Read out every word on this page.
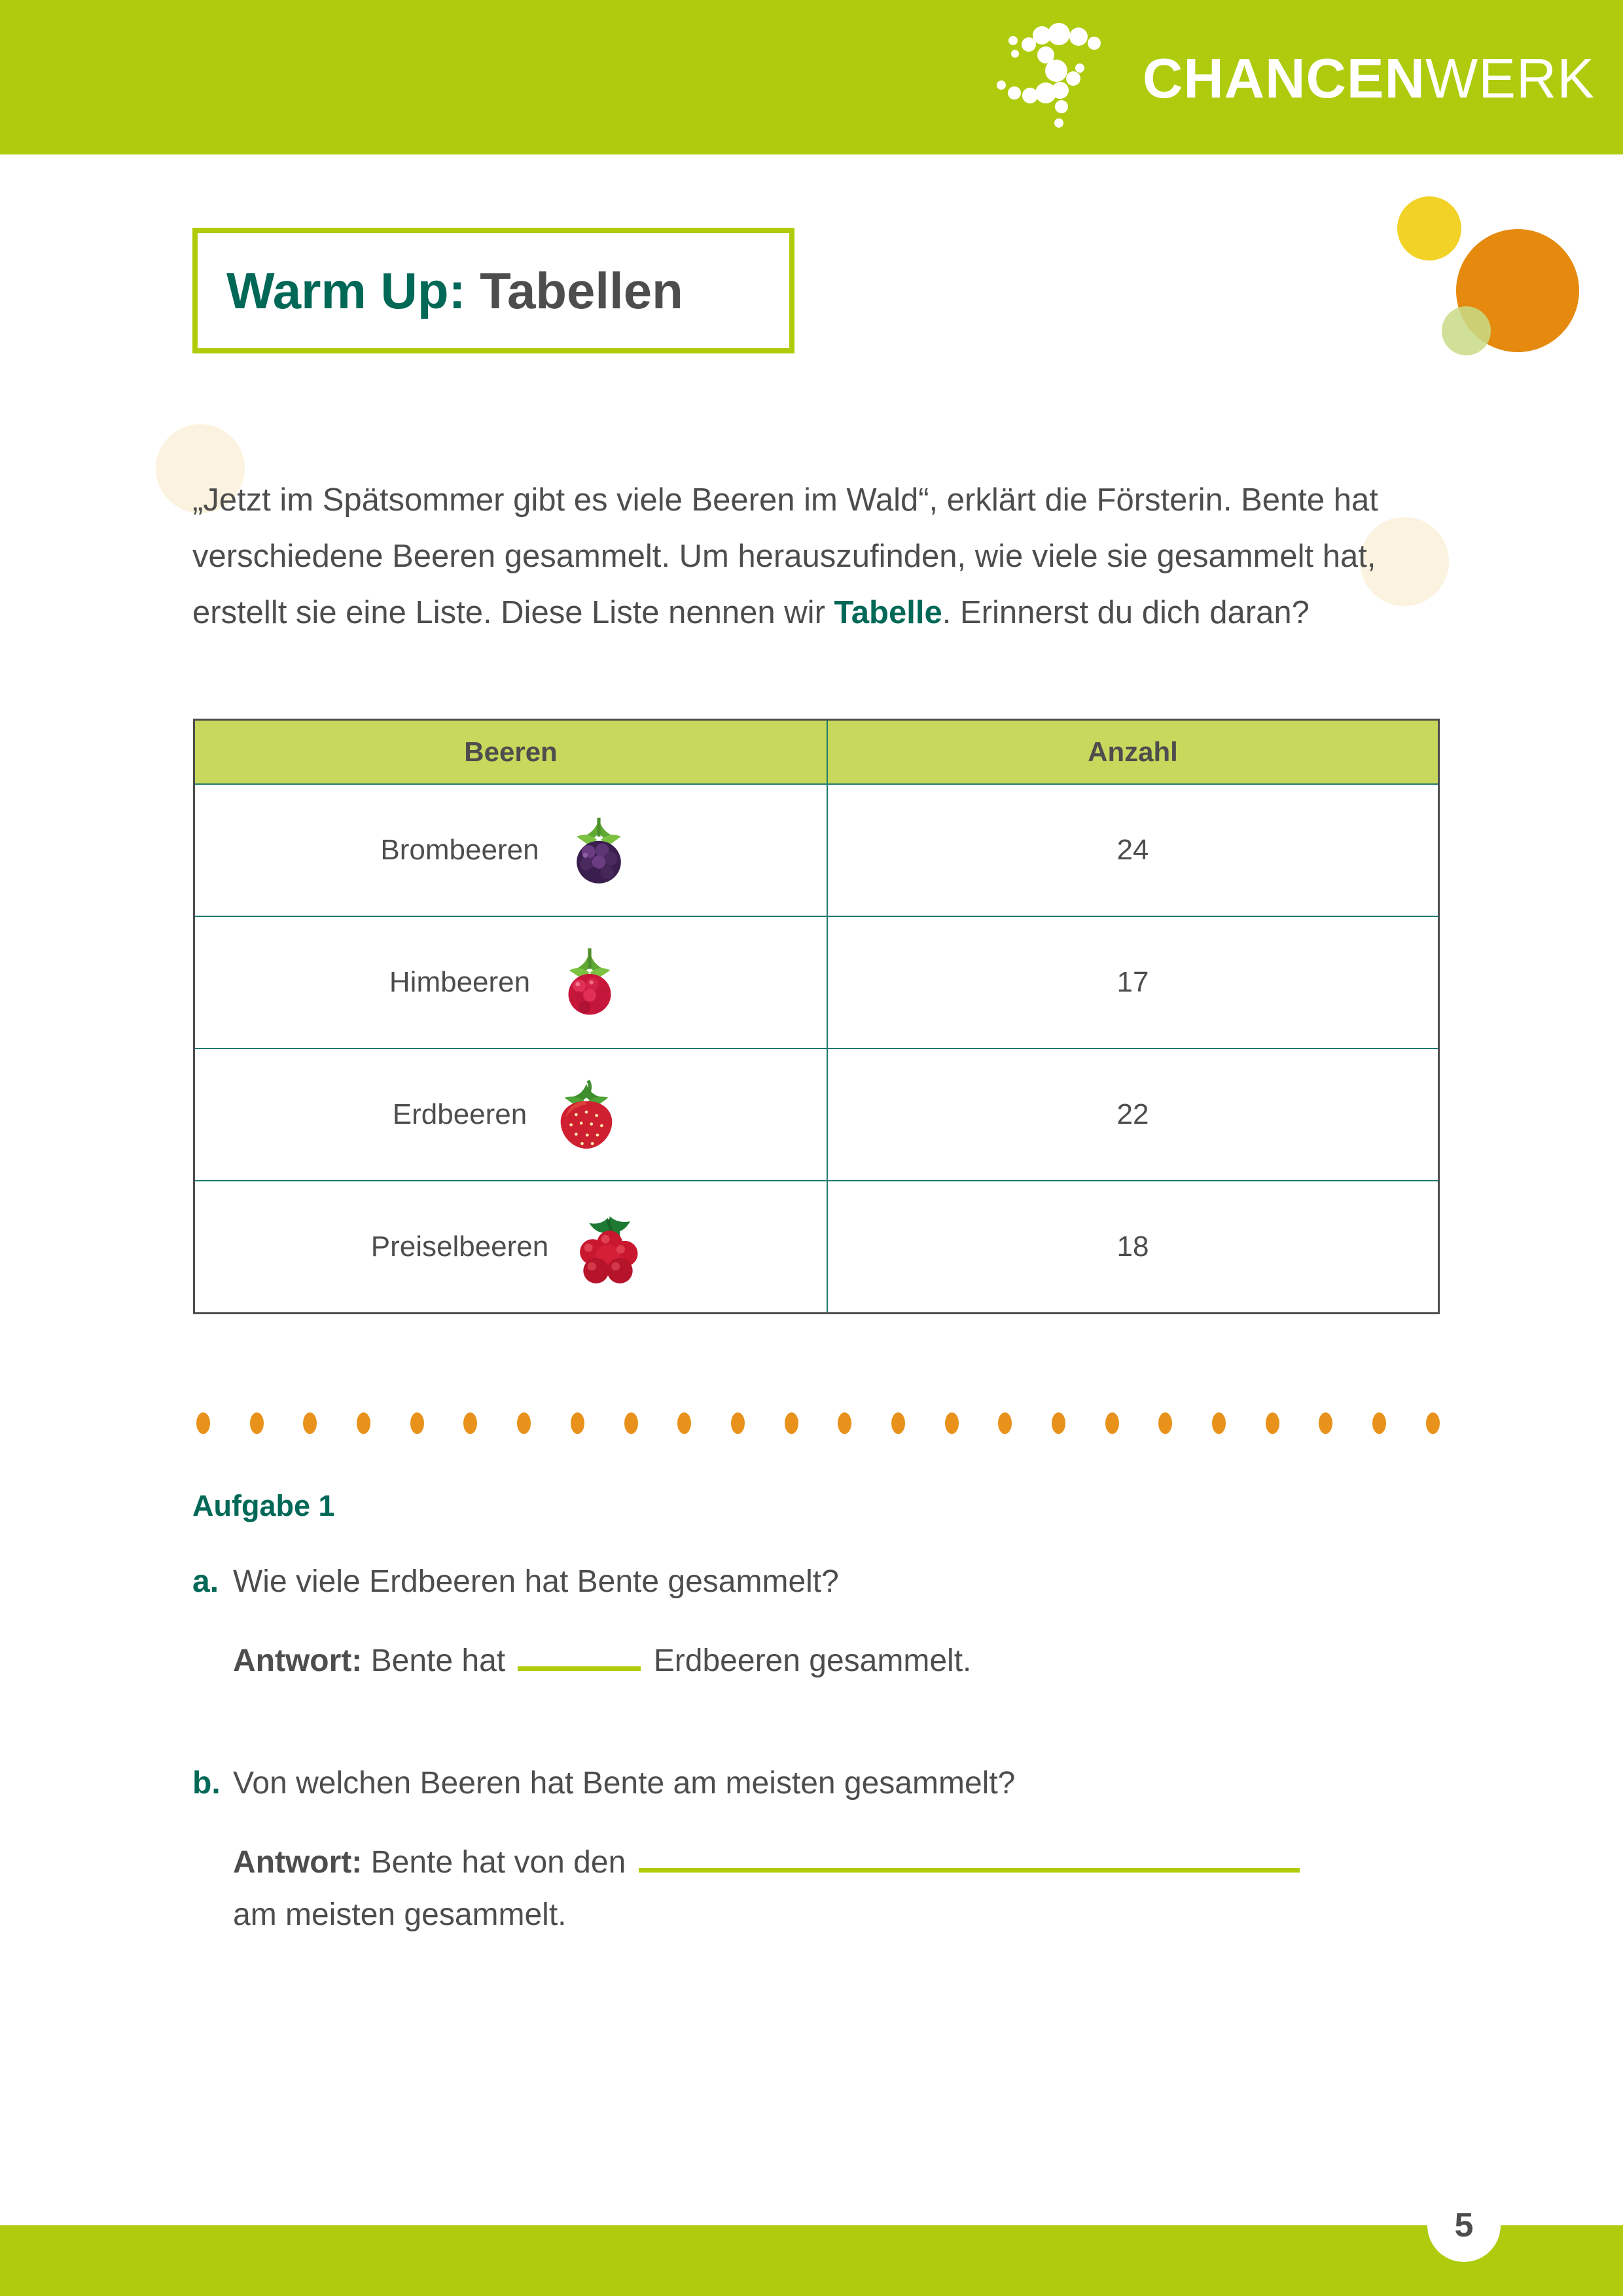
CHANCENWERK
Warm Up: Tabellen

„Jetzt im Spätsommer gibt es viele Beeren im Wald“, erklärt die Försterin. Bente hat verschiedene Beeren gesammelt. Um herauszufinden, wie viele sie gesammelt hat, erstellt sie eine Liste. Diese Liste nennen wir Tabelle. Erinnerst du dich daran?

Beeren	Anzahl

Brombeeren	24

Himbeeren	17

Erdbeeren	22

Preiselbeeren	18
Aufgabe 1
a. Wie viele Erdbeeren hat Bente gesammelt?
Antwort: Bente hat	Erdbeeren gesammelt.
b. Von welchen Beeren hat Bente am meisten gesammelt?
Antwort: Bente hat von den
am meisten gesammelt.
5
